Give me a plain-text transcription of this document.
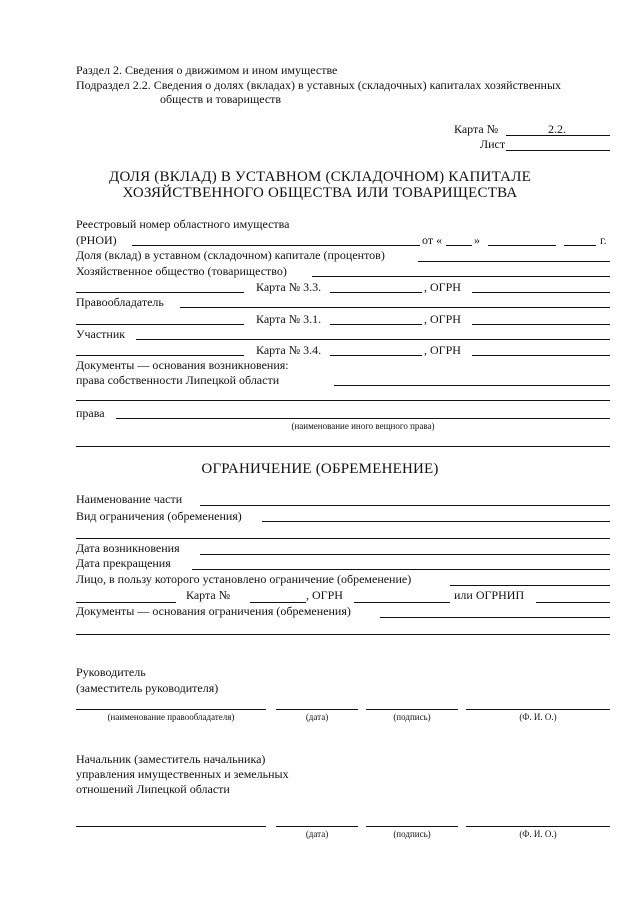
Раздел 2. Сведения о движимом и ином имуществе
Подраздел 2.2. Сведения о долях (вкладах) в уставных (складочных) капиталах хозяйственных
обществ и товариществ
Карта №	2.2.
Лист
ДОЛЯ (ВКЛАД) В УСТАВНОМ (СКЛАДОЧНОМ) КАПИТАЛЕ
ХОЗЯЙСТВЕННОГО ОБЩЕСТВА ИЛИ ТОВАРИЩЕСТВА
Реестровый номер областного имущества
(РНОИ)	от «	»	г.
Доля (вклад) в уставном (складочном) капитале (процентов)
Хозяйственное общество (товарищество)
Карта № 3.3.	, ОГРН
Правообладатель
Карта № 3.1.	, ОГРН
Участник
Карта № 3.4.	, ОГРН
Документы — основания возникновения:
права собственности Липецкой области
права
(наименование иного вещного права)
ОГРАНИЧЕНИЕ (ОБРЕМЕНЕНИЕ)
Наименование части
Вид ограничения (обременения)
Дата возникновения
Дата прекращения
Лицо, в пользу которого установлено ограничение (обременение)
Карта №	, ОГРН	или ОГРНИП
Документы — основания ограничения (обременения)
Руководитель
(заместитель руководителя)
(наименование правообладателя)	(дата)	(подпись)	(Ф. И. О.)
Начальник (заместитель начальника)
управления имущественных и земельных
отношений Липецкой области
(дата)	(подпись)	(Ф. И. О.)
